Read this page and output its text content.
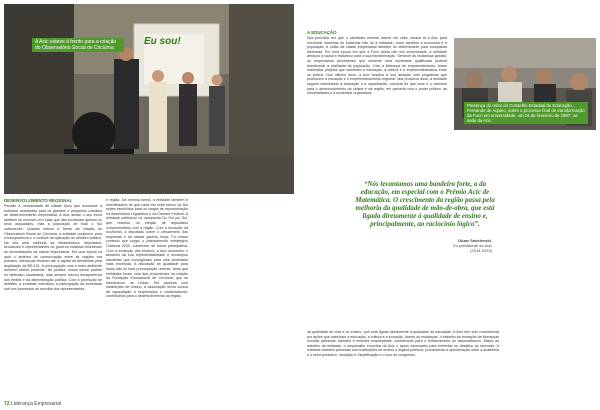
Eu sou!
A Acic esteve à frente para a criação do Observatório Social de Criciúma
Presença do reitor do Conselho Estadual de Educação, Fernando de Aquino, sobre o processo final de transformação da Fucri em universidade, em 24 de fevereiro de 1997, na sede da Acic
DESENVOLVIMENTO REGIONAL
Pensão à necessidade de cidade ficou que trouxesse a estrutura necessária para os grandes e pequenos contatos de desenvolvimento empresarial. A Acic desde o seu início também se envolveu em lutas que não envolviam apenas os seus associados, mas a população de todo o Sul catarinense. Quando esteve à frente da criação do Observatório Social de Criciúma, a entidade colaborou para a transparência e o controle da aplicação do dinheiro público. Na luta pela melhoria da infraestrutura, deputados, senadores e representantes do governo estadual receberam as reivindicações da classe empresarial. Em uma época na qual o sistema de comunicação entre as regiões era precário, lideranças levaram até a capital as demandas pela duplicação da BR-101. A preocupação com o meio ambiente também esteve presente. Na política, nunca tomou partido ou defendeu candidatos, mas sempre cobrou transparência dos eleitos e da administração pública. Com a promoção de debates, a entidade incentivou a participação da sociedade civil nos processos de escolha dos representantes.
e região. Da mesma forma, a entidade também é incentivadora de que cada vez mais tomou do Sul sejam escolhidos para os cargos de representação na Assembleia Legislativa e na Câmara Federal. A entidade participou na campanha Do Sul por Sul, que resultou na eleição de deputados comprometidos com a região. Com a evolução da economia, a discussão sobre o crescimento das empresas e da cidade ganhou força. Foi nesse contexto que surgiu o planejamento estratégico Criciúma 2030, construído de forma participativa. Com a evolução dos tempos, a Acic aumentou o tamanho da sua representatividade e encampou bandeiras que conseguiram para uma sociedade mais envolvida. A discussão de qualidade para todos não foi uma preocupação recente, tanto que entidades foram uma das proponentes na criação da Fundação Educacional de Criciúma, que se transformou na Unesc. Em parceria com instituições de ensino, a associação levou cursos de capacitação a empresários e colaboradores, contribuindo para o desenvolvimento da região.
A EDUCAÇÃO
Nos períodos em que o candidato mineral esteve em crise, estava lá a Acic para encontrar maneiras de sustentar não só a entidade, como também a economia e a população. A união da classe empresarial também foi determinante para conquistas históricas. Em uma época em que a Fucri ainda não era universidade, a entidade abraçou a causa e trabalhou para a sua transformação. Sensível às mudanças globais, os empresários perceberam que somente uma sociedade qualificada poderia transformar a realidade da população. Com a liderança de empreendedores, foram realizados projetos que valorizam a educação, a cultura e o empreendedorismo entre os jovens. Nos últimos anos, a Acic ampliou a sua atuação com programas que promovem a inovação e o empreendedorismo regional. Nos próximos anos, a entidade seguirá valorizando a educação e a capacitação, convicta de que esse é o caminho para o desenvolvimento da cidade e da região, em parceria com o poder público, as universidades e a sociedade organizada.
da qualidade de vida e do ensino, que está ligada diretamente à qualidade da educação. A Acic tem sido reconhecida por ações que valorizam a educação, a cultura e a inovação. Atento às mudanças, o trabalho de formação de lideranças envolve palestras, debates e missões empresariais, contribuindo para o fortalecimento do associativismo. Aliado ao trabalho da entidade, o empresário encontra na Acic o apoio necessário para enfrentar os desafios do mercado. A entidade mantém parcerias com instituições de ensino e órgãos públicos, promovendo a aproximação entre a academia e o setor produtivo. Inovação e Simplificação é o foco do congresso.
“Nós levantamos uma bandeira forte, a da educação, em especial com o Prêmio Acic de Matemática. O crescimento da região passa pela melhoria da qualidade de mão-de-obra, que está ligada diretamente à qualidade de ensino e, principalmente, ao raciocínio lógico”.
Olízar Smielevski,
Ex-presidente da Acic
(2014-2015)
72 Liderança Empresarial
